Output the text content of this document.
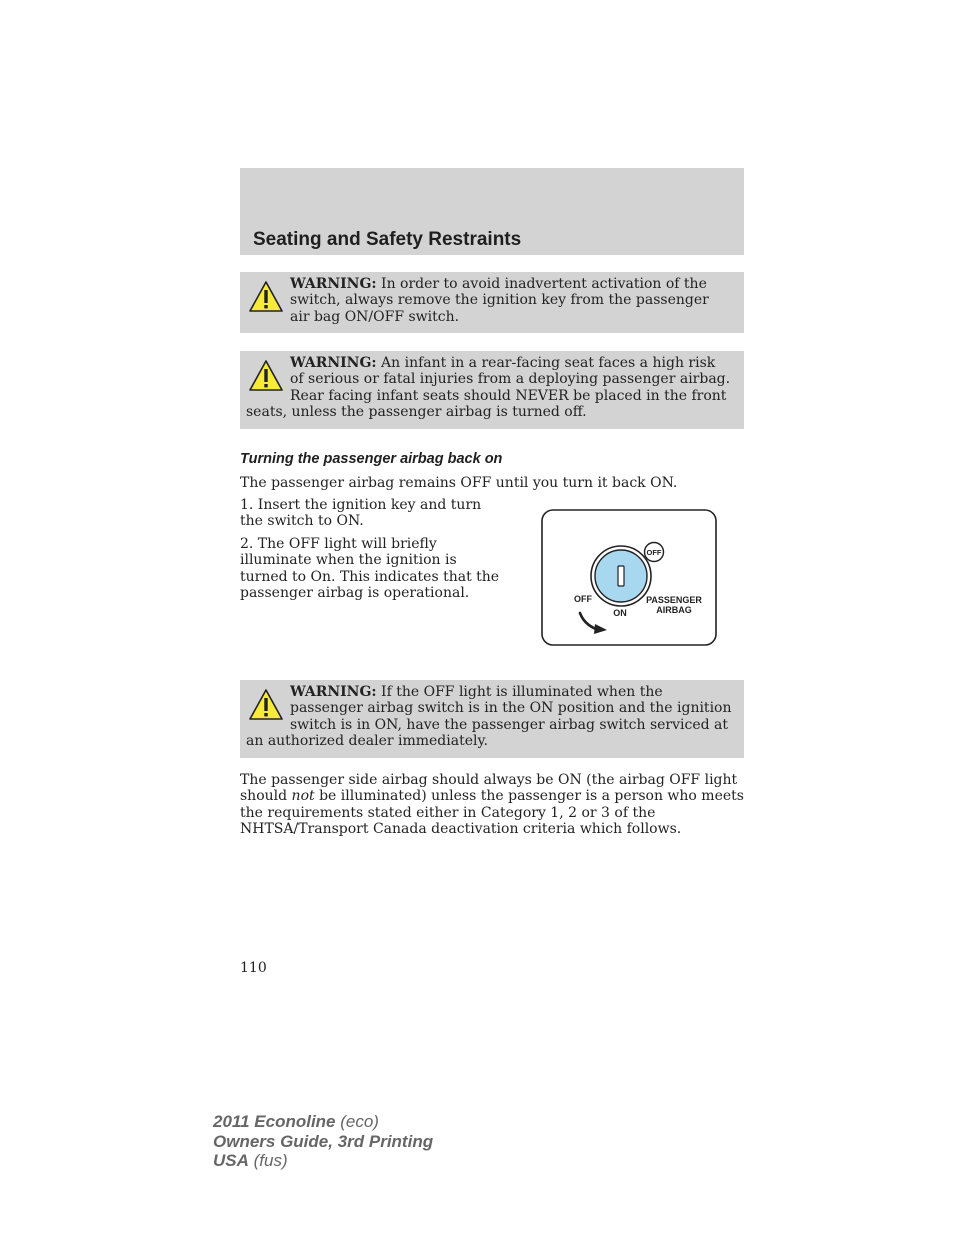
Seating and Safety Restraints
WARNING: In order to avoid inadvertent activation of the switch, always remove the ignition key from the passenger air bag ON/OFF switch.
WARNING: An infant in a rear-facing seat faces a high risk of serious or fatal injuries from a deploying passenger airbag. Rear facing infant seats should NEVER be placed in the front seats, unless the passenger airbag is turned off.
Turning the passenger airbag back on
The passenger airbag remains OFF until you turn it back ON.
1. Insert the ignition key and turn the switch to ON.
2. The OFF light will briefly illuminate when the ignition is turned to On. This indicates that the passenger airbag is operational.
OFF
OFF
ON
PASSENGER
AIRBAG
WARNING: If the OFF light is illuminated when the passenger airbag switch is in the ON position and the ignition switch is in ON, have the passenger airbag switch serviced at an authorized dealer immediately.
The passenger side airbag should always be ON (the airbag OFF light should not be illuminated) unless the passenger is a person who meets the requirements stated either in Category 1, 2 or 3 of the NHTSA/Transport Canada deactivation criteria which follows.
110
2011 Econoline (eco)
Owners Guide, 3rd Printing
USA (fus)
